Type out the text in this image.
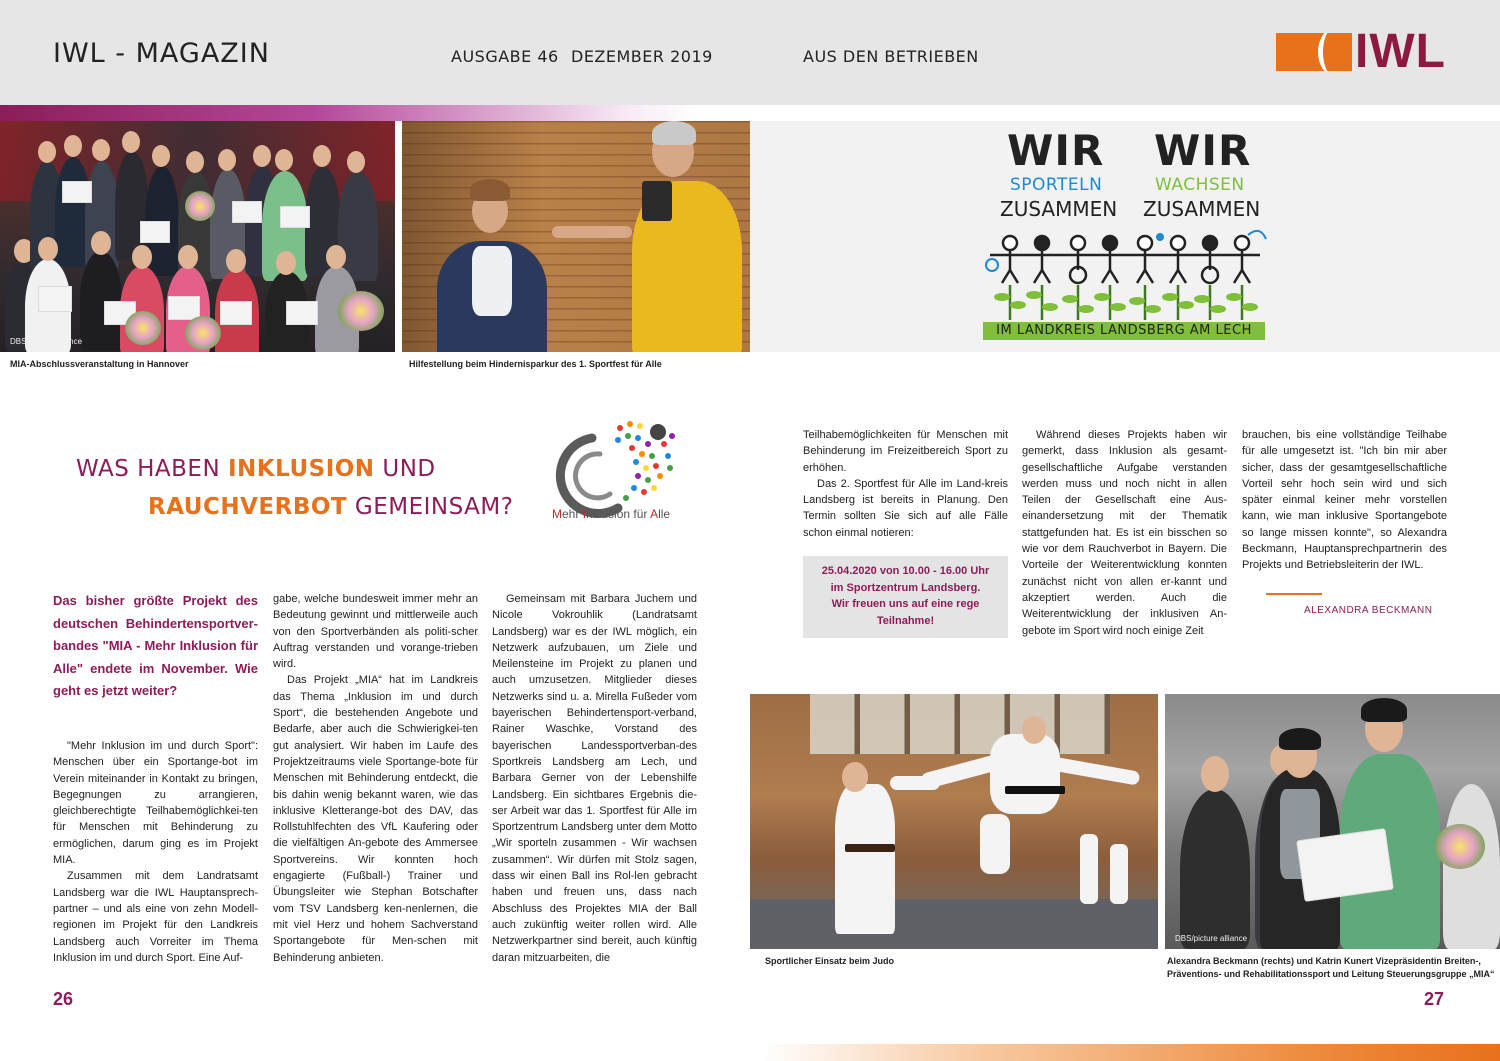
IWL - MAGAZIN	AUSGABE 46 DEZEMBER 2019	AUS DEN BETRIEBEN	IWL
DBS/picture alliance
MIA-Abschlussveranstaltung in Hannover	Hilfestellung beim Hindernisparkur des 1. Sportfest für Alle
WIR
SPORTELN
ZUSAMMEN
WIR
WACHSEN
ZUSAMMEN
IM LANDKREIS LANDSBERG AM LECH
WAS HABEN INKLUSION UND
RAUCHVERBOT GEMEINSAM?	Mehr Inklusion für Alle
Das bisher größte Projekt des deutschen Behindertensportver-bandes "MIA - Mehr Inklusion für Alle" endete im November. Wie geht es jetzt weiter?

"Mehr Inklusion im und durch Sport": Menschen über ein Sportange-bot im Verein miteinander in Kontakt zu bringen, Begegnungen zu arrangieren, gleichberechtigte Teilhabemöglichkei-ten für Menschen mit Behinderung zu ermöglichen, darum ging es im Projekt MIA.

Zusammen mit dem Landratsamt Landsberg war die IWL Hauptansprech-partner – und als eine von zehn Modell-regionen im Projekt für den Landkreis Landsberg auch Vorreiter im Thema Inklusion im und durch Sport. Eine Auf-

gabe, welche bundesweit immer mehr an Bedeutung gewinnt und mittlerweile auch von den Sportverbänden als politi-scher Auftrag verstanden und vorange-trieben wird.

Das Projekt „MIA“ hat im Landkreis das Thema „Inklusion im und durch Sport“, die bestehenden Angebote und Bedarfe, aber auch die Schwierigkei-ten gut analysiert. Wir haben im Laufe des Projektzeitraums viele Sportange-bote für Menschen mit Behinderung entdeckt, die bis dahin wenig bekannt waren, wie das inklusive Kletterange-bot des DAV, das Rollstuhlfechten des VfL Kaufering oder die vielfältigen An-gebote des Ammersee Sportvereins. Wir konnten hoch engagierte (Fußball-) Trainer und Übungsleiter wie Stephan Botschafter vom TSV Landsberg ken-nenlernen, die mit viel Herz und hohem Sachverstand Sportangebote für Men-schen mit Behinderung anbieten.

Gemeinsam mit Barbara Juchem und Nicole Vokrouhlik (Landratsamt Landsberg) war es der IWL möglich, ein Netzwerk aufzubauen, um Ziele und Meilensteine im Projekt zu planen und auch umzusetzen. Mitglieder dieses Netzwerks sind u. a. Mirella Fußeder vom bayerischen Behindertensport-verband, Rainer Waschke, Vorstand des bayerischen Landessportverban-des Sportkreis Landsberg am Lech, und Barbara Gerner von der Lebenshilfe Landsberg. Ein sichtbares Ergebnis die-ser Arbeit war das 1. Sportfest für Alle im Sportzentrum Landsberg unter dem Motto „Wir sporteln zusammen - Wir wachsen zusammen“. Wir dürfen mit Stolz sagen, dass wir einen Ball ins Rol-len gebracht haben und freuen uns, dass nach Abschluss des Projektes MIA der Ball auch zukünftig weiter rollen wird. Alle Netzwerkpartner sind bereit, auch künftig daran mitzuarbeiten, die

Teilhabemöglichkeiten für Menschen mit Behinderung im Freizeitbereich Sport zu erhöhen.

Das 2. Sportfest für Alle im Land-kreis Landsberg ist bereits in Planung. Den Termin sollten Sie sich auf alle Fälle schon einmal notieren:

25.04.2020 von 10.00 - 16.00 Uhr
im Sportzentrum Landsberg.
Wir freuen uns auf eine rege
Teilnahme!

Während dieses Projekts haben wir gemerkt, dass Inklusion als gesamt-gesellschaftliche Aufgabe verstanden werden muss und noch nicht in allen Teilen der Gesellschaft eine Aus-einandersetzung mit der Thematik stattgefunden hat. Es ist ein bisschen so wie vor dem Rauchverbot in Bayern. Die Vorteile der Weiterentwicklung konnten zunächst nicht von allen er-kannt und akzeptiert werden. Auch die Weiterentwicklung der inklusiven An-gebote im Sport wird noch einige Zeit

brauchen, bis eine vollständige Teilhabe für alle umgesetzt ist. "Ich bin mir aber sicher, dass der gesamtgesellschaftliche Vorteil sehr hoch sein wird und sich später einmal keiner mehr vorstellen kann, wie man inklusive Sportangebote so lange missen konnte", so Alexandra Beckmann, Hauptansprechpartnerin des Projekts und Betriebsleiterin der IWL.

ALEXANDRA BECKMANN
Sportlicher Einsatz beim Judo
DBS/picture alliance
Alexandra Beckmann (rechts) und Katrin Kunert Vizepräsidentin Breiten-,
Präventions- und Rehabilitationssport und Leitung Steuerungsgruppe „MIA“
26	27
